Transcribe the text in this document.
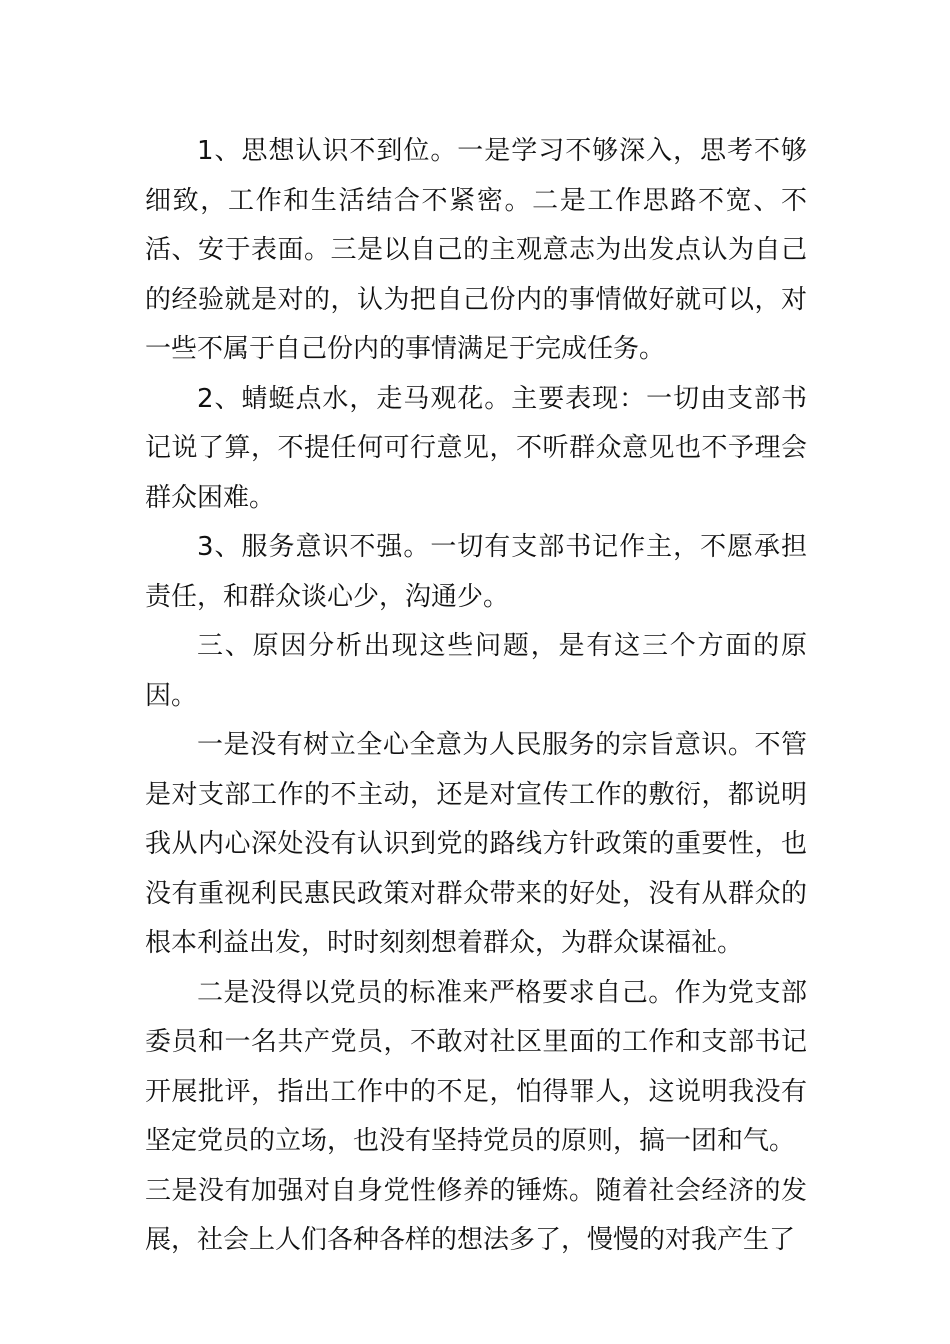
1、思想认识不到位。一是学习不够深入，思考不够细致，工作和生活结合不紧密。二是工作思路不宽、不活、安于表面。三是以自己的主观意志为出发点认为自己的经验就是对的，认为把自己份内的事情做好就可以，对一些不属于自己份内的事情满足于完成任务。

2、蜻蜓点水，走马观花。主要表现：一切由支部书记说了算，不提任何可行意见，不听群众意见也不予理会群众困难。

3、服务意识不强。一切有支部书记作主，不愿承担责任，和群众谈心少，沟通少。

三、原因分析出现这些问题，是有这三个方面的原因。

一是没有树立全心全意为人民服务的宗旨意识。不管是对支部工作的不主动，还是对宣传工作的敷衍，都说明我从内心深处没有认识到党的路线方针政策的重要性，也没有重视利民惠民政策对群众带来的好处，没有从群众的根本利益出发，时时刻刻想着群众，为群众谋福祉。

二是没得以党员的标准来严格要求自己。作为党支部委员和一名共产党员，不敢对社区里面的工作和支部书记开展批评，指出工作中的不足，怕得罪人，这说明我没有坚定党员的立场，也没有坚持党员的原则，搞一团和气。

三是没有加强对自身党性修养的锤炼。随着社会经济的发展，社会上人们各种各样的想法多了，慢慢的对我产生了
